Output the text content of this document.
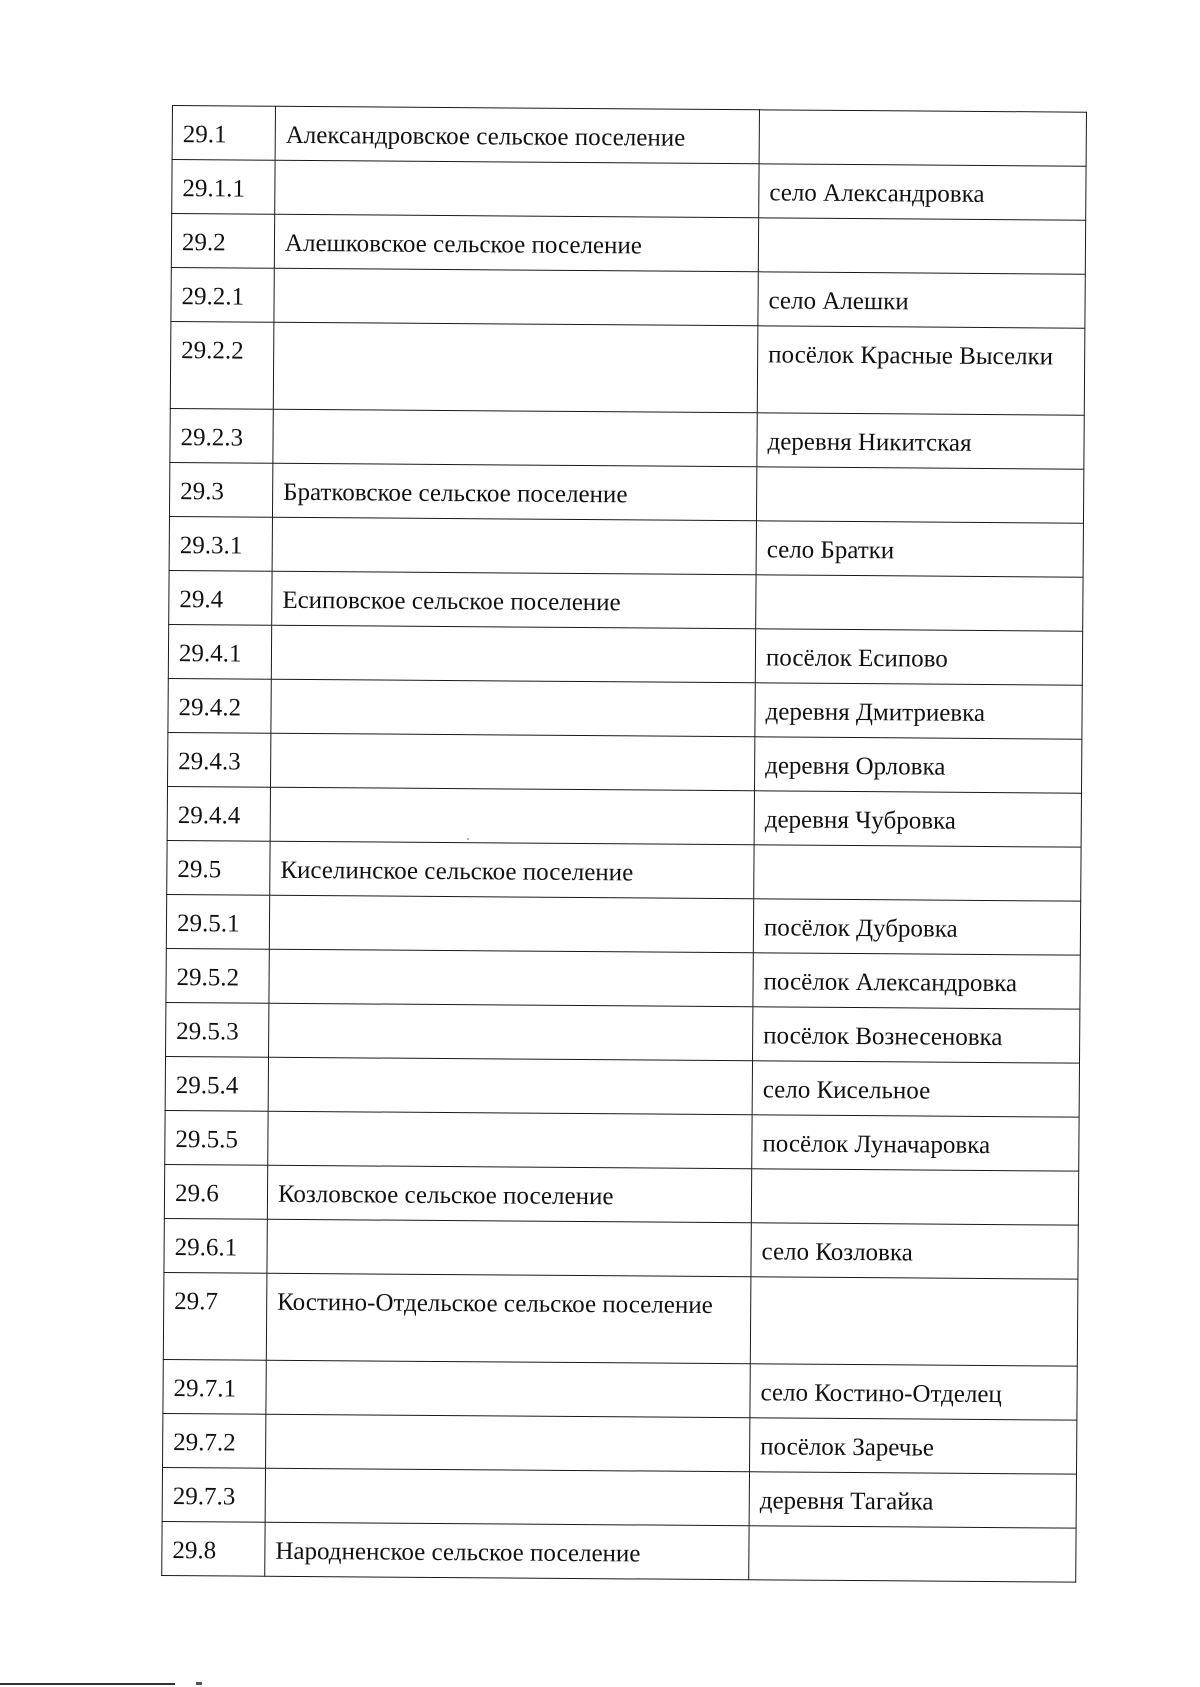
29.1	Александровское сельское поселение	
29.1.1		село Александровка
29.2	Алешковское сельское поселение	
29.2.1		село Алешки
29.2.2		посёлок Красные Выселки
29.2.3		деревня Никитская
29.3	Братковское сельское поселение	
29.3.1		село Братки
29.4	Есиповское сельское поселение	
29.4.1		посёлок Есипово
29.4.2		деревня Дмитриевка
29.4.3		деревня Орловка
29.4.4		деревня Чубровка
29.5	Киселинское сельское поселение	
29.5.1		посёлок Дубровка
29.5.2		посёлок Александровка
29.5.3		посёлок Вознесеновка
29.5.4		село Кисельное
29.5.5		посёлок Луначаровка
29.6	Козловское сельское поселение	
29.6.1		село Козловка
29.7	Костино-Отдельское сельское поселение	
29.7.1		село Костино-Отделец
29.7.2		посёлок Заречье
29.7.3		деревня Тагайка
29.8	Народненское сельское поселение	
